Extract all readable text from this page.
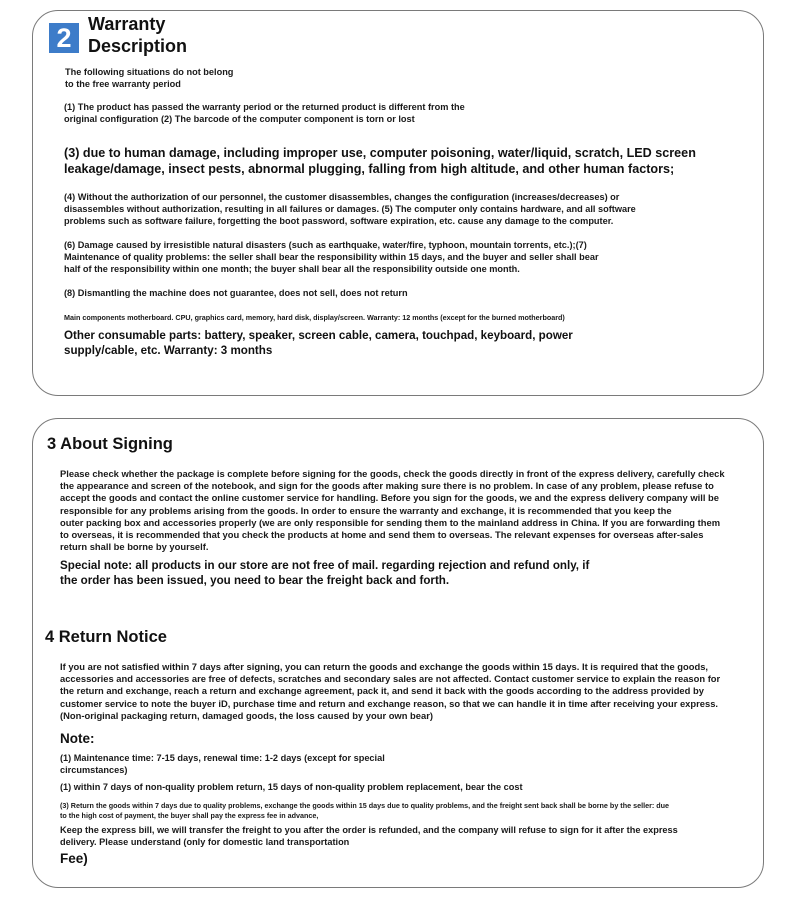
2 Warranty
Description
The following situations do not belong
to the free warranty period
(1) The product has passed the warranty period or the returned product is different from the
original configuration (2) The barcode of the computer component is torn or lost
(3) due to human damage, including improper use, computer poisoning, water/liquid, scratch, LED screen
leakage/damage, insect pests, abnormal plugging, falling from high altitude, and other human factors;
(4) Without the authorization of our personnel, the customer disassembles, changes the configuration (increases/decreases) or
disassembles without authorization, resulting in all failures or damages. (5) The computer only contains hardware, and all software
problems such as software failure, forgetting the boot password, software expiration, etc. cause any damage to the computer.
(6) Damage caused by irresistible natural disasters (such as earthquake, water/fire, typhoon, mountain torrents, etc.);(7)
Maintenance of quality problems: the seller shall bear the responsibility within 15 days, and the buyer and seller shall bear
half of the responsibility within one month; the buyer shall bear all the responsibility outside one month.
(8) Dismantling the machine does not guarantee, does not sell, does not return
Main components motherboard. CPU, graphics card, memory, hard disk, display/screen. Warranty: 12 months (except for the burned motherboard)
Other consumable parts: battery, speaker, screen cable, camera, touchpad, keyboard, power
supply/cable, etc. Warranty: 3 months
3 About Signing
Please check whether the package is complete before signing for the goods, check the goods directly in front of the express delivery, carefully check
the appearance and screen of the notebook, and sign for the goods after making sure there is no problem. In case of any problem, please refuse to
accept the goods and contact the online customer service for handling. Before you sign for the goods, we and the express delivery company will be
responsible for any problems arising from the goods. In order to ensure the warranty and exchange, it is recommended that you keep the
outer packing box and accessories properly (we are only responsible for sending them to the mainland address in China. If you are forwarding them
to overseas, it is recommended that you check the products at home and send them to overseas. The relevant expenses for overseas after-sales
return shall be borne by yourself.
Special note: all products in our store are not free of mail. regarding rejection and refund only, if
the order has been issued, you need to bear the freight back and forth.
4 Return Notice
If you are not satisfied within 7 days after signing, you can return the goods and exchange the goods within 15 days. It is required that the goods,
accessories and accessories are free of defects, scratches and secondary sales are not affected. Contact customer service to explain the reason for
the return and exchange, reach a return and exchange agreement, pack it, and send it back with the goods according to the address provided by
customer service to note the buyer iD, purchase time and return and exchange reason, so that we can handle it in time after receiving your express.
(Non-original packaging return, damaged goods, the loss caused by your own bear)
Note:
(1) Maintenance time: 7-15 days, renewal time: 1-2 days (except for special
circumstances)
(1) within 7 days of non-quality problem return, 15 days of non-quality problem replacement, bear the cost
(3) Return the goods within 7 days due to quality problems, exchange the goods within 15 days due to quality problems, and the freight sent back shall be borne by the seller: due
to the high cost of payment, the buyer shall pay the express fee in advance,
Keep the express bill, we will transfer the freight to you after the order is refunded, and the company will refuse to sign for it after the express
delivery. Please understand (only for domestic land transportation
Fee)
